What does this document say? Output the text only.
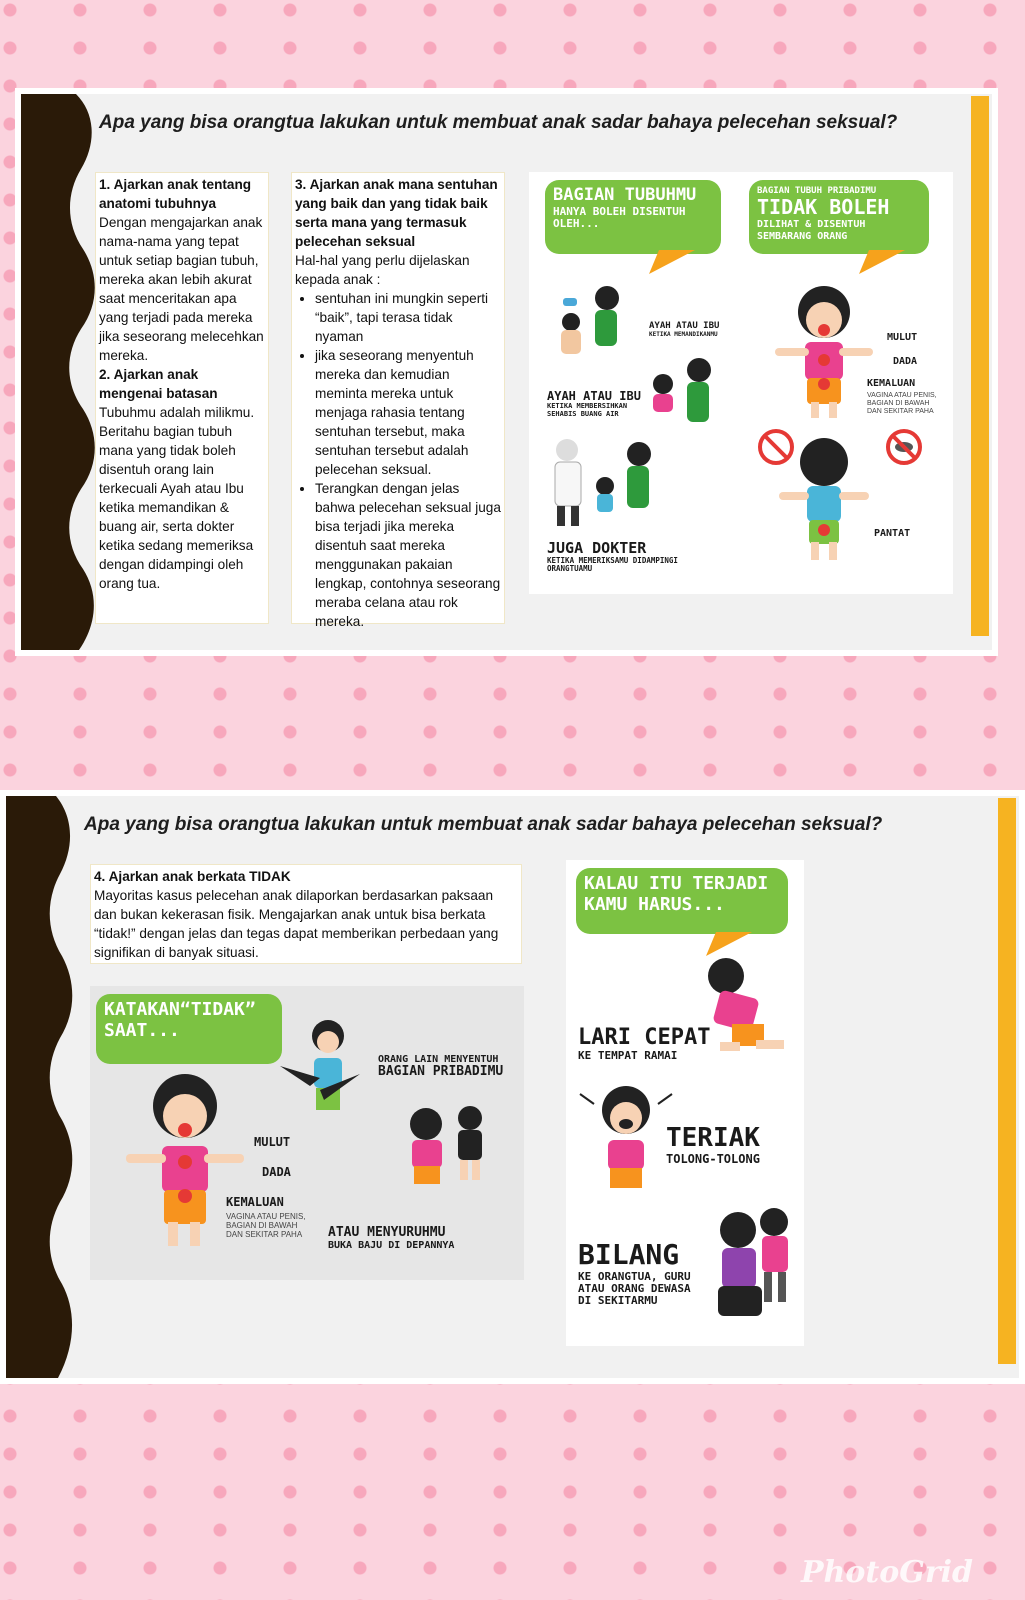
Apa yang bisa orangtua lakukan untuk membuat anak sadar bahaya pelecehan seksual?
1. Ajarkan anak tentang anatomi tubuhnya
Dengan mengajarkan anak nama-nama yang tepat untuk setiap bagian tubuh, mereka akan lebih akurat saat menceritakan apa yang terjadi pada mereka jika seseorang melecehkan mereka.
2. Ajarkan anak mengenai batasan
Tubuhmu adalah milikmu. Beritahu bagian tubuh mana yang tidak boleh disentuh orang lain terkecuali Ayah atau Ibu ketika memandikan & buang air, serta dokter ketika sedang memeriksa dengan didampingi oleh orang tua.
3. Ajarkan anak mana sentuhan yang baik dan yang tidak baik serta mana yang termasuk pelecehan seksual
Hal-hal yang perlu dijelaskan kepada anak :
• sentuhan ini mungkin seperti “baik”, tapi terasa tidak nyaman
• jika seseorang menyentuh mereka dan kemudian meminta mereka untuk menjaga rahasia tentang sentuhan tersebut, maka sentuhan tersebut adalah pelecehan seksual.
• Terangkan dengan jelas bahwa pelecehan seksual juga bisa terjadi jika mereka disentuh saat mereka menggunakan pakaian lengkap, contohnya seseorang meraba celana atau rok mereka.
BAGIAN TUBUHMU
HANYA BOLEH DISENTUH OLEH...
BAGIAN TUBUH PRIBADIMU
TIDAK BOLEH
DILIHAT & DISENTUH SEMBARANG ORANG
AYAH ATAU IBU
KETIKA MEMANDIKANMU
AYAH ATAU IBU
KETIKA MEMBERSIHKAN SEHABIS BUANG AIR
JUGA DOKTER
KETIKA MEMERIKSAMU DIDAMPINGI ORANGTUAMU
MULUT
DADA
KEMALUAN
VAGINA ATAU PENIS, BAGIAN DI BAWAH DAN SEKITAR PAHA
PANTAT
Apa yang bisa orangtua lakukan untuk membuat anak sadar bahaya pelecehan seksual?
4. Ajarkan anak berkata TIDAK
Mayoritas kasus pelecehan anak dilaporkan berdasarkan paksaan dan bukan kekerasan fisik. Mengajarkan anak untuk bisa berkata “tidak!” dengan jelas dan tegas dapat memberikan perbedaan yang signifikan di banyak situasi.
KATAKAN“TIDAK” SAAT...
MULUT
DADA
KEMALUAN
VAGINA ATAU PENIS, BAGIAN DI BAWAH DAN SEKITAR PAHA
ORANG LAIN MENYENTUH
BAGIAN PRIBADIMU
ATAU MENYURUHMU
BUKA BAJU DI DEPANNYA
KALAU ITU TERJADI KAMU HARUS...
LARI CEPAT
KE TEMPAT RAMAI
TERIAK
TOLONG-TOLONG
BILANG
KE ORANGTUA, GURU ATAU ORANG DEWASA DI SEKITARMU
PhotoGrid
